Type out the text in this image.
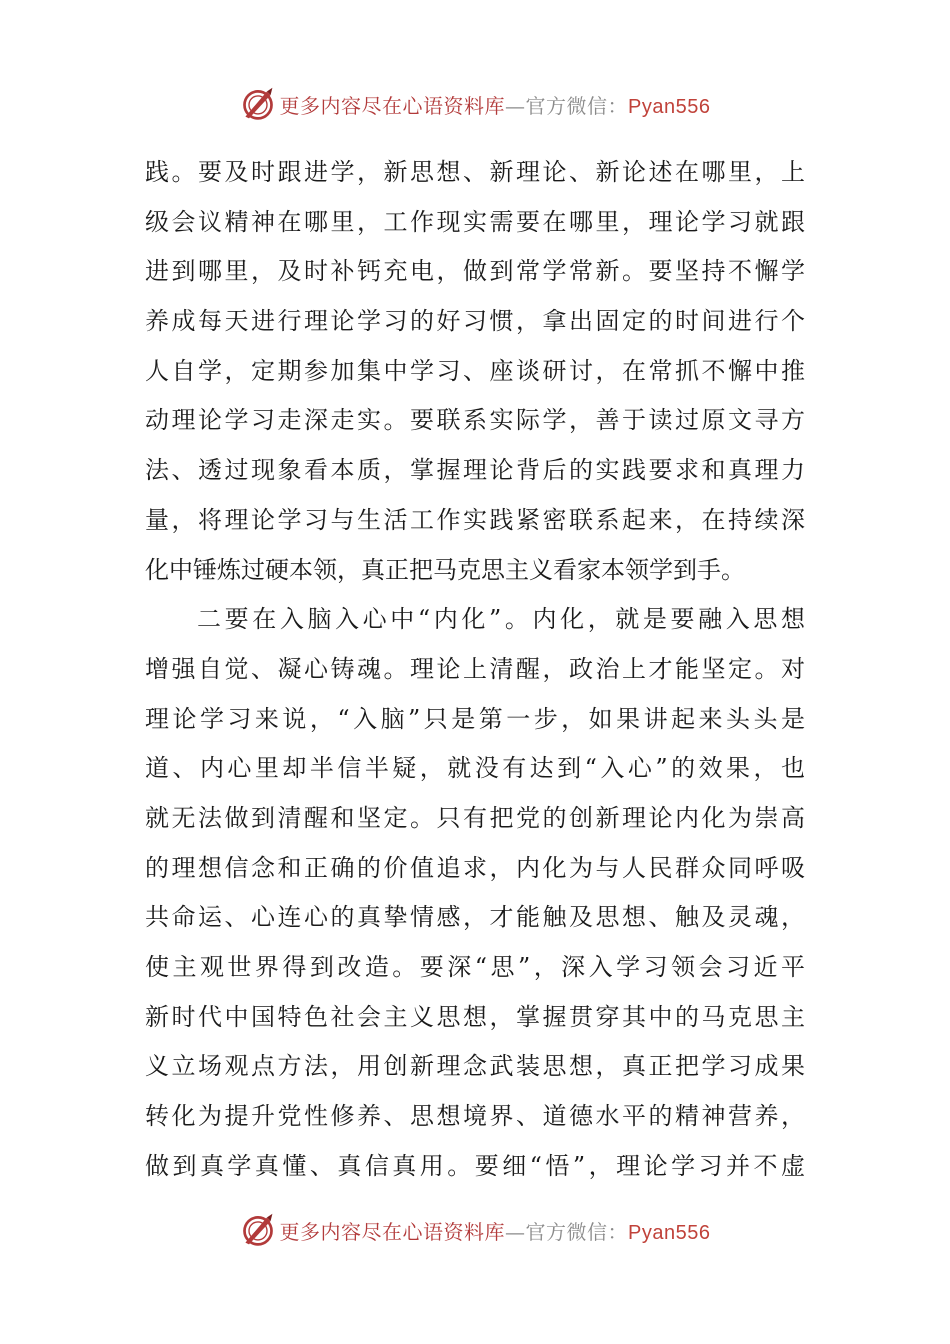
更多内容尽在心语资料库—官方微信：Pyan556
践。要及时跟进学，新思想、新理论、新论述在哪里，上
级会议精神在哪里，工作现实需要在哪里，理论学习就跟
进到哪里，及时补钙充电，做到常学常新。要坚持不懈学
养成每天进行理论学习的好习惯，拿出固定的时间进行个
人自学，定期参加集中学习、座谈研讨，在常抓不懈中推
动理论学习走深走实。要联系实际学，善于读过原文寻方
法、透过现象看本质，掌握理论背后的实践要求和真理力
量，将理论学习与生活工作实践紧密联系起来，在持续深
化中锤炼过硬本领，真正把马克思主义看家本领学到手。
二要在入脑入心中“内化”。内化，就是要融入思想
增强自觉、凝心铸魂。理论上清醒，政治上才能坚定。对
理论学习来说，“入脑”只是第一步，如果讲起来头头是
道、内心里却半信半疑，就没有达到“入心”的效果，也
就无法做到清醒和坚定。只有把党的创新理论内化为崇高
的理想信念和正确的价值追求，内化为与人民群众同呼吸
共命运、心连心的真挚情感，才能触及思想、触及灵魂，
使主观世界得到改造。要深“思”，深入学习领会习近平
新时代中国特色社会主义思想，掌握贯穿其中的马克思主
义立场观点方法，用创新理念武装思想，真正把学习成果
转化为提升党性修养、思想境界、道德水平的精神营养，
做到真学真懂、真信真用。要细“悟”，理论学习并不虚
更多内容尽在心语资料库—官方微信：Pyan556
